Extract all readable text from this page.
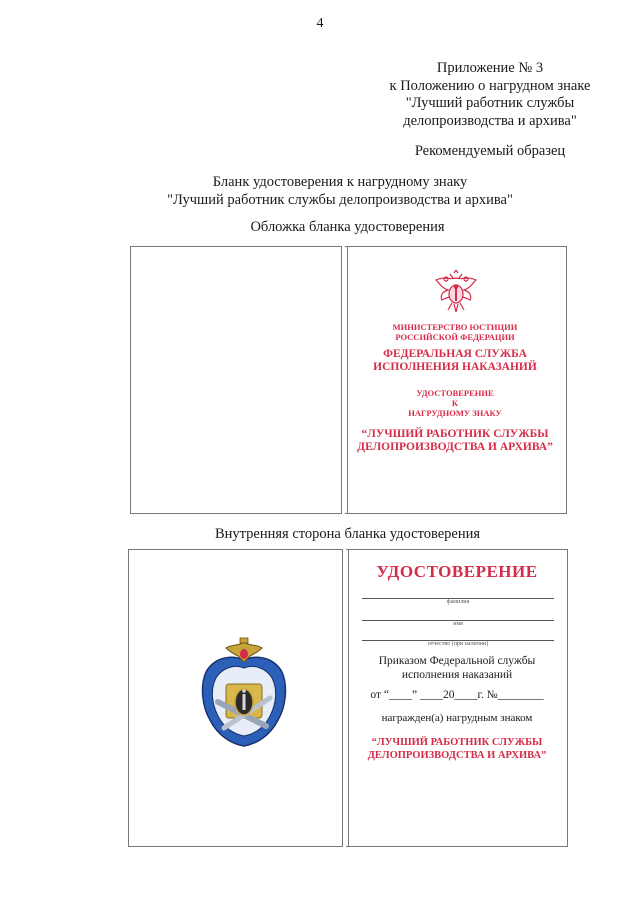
4
Приложение № 3
к Положению о нагрудном знаке
"Лучший работник службы
делопроизводства и архива"
Рекомендуемый образец
Бланк удостоверения к нагрудному знаку
"Лучший работник службы делопроизводства и архива"
Обложка бланка удостоверения
МИНИСТЕРСТВО ЮСТИЦИИ
РОССИЙСКОЙ ФЕДЕРАЦИИ
ФЕДЕРАЛЬНАЯ СЛУЖБА
ИСПОЛНЕНИЯ НАКАЗАНИЙ
УДОСТОВЕРЕНИЕ
К
НАГРУДНОМУ ЗНАКУ
“ЛУЧШИЙ РАБОТНИК СЛУЖБЫ
ДЕЛОПРОИЗВОДСТВА И АРХИВА”
Внутренняя сторона бланка удостоверения
УДОСТОВЕРЕНИЕ
фамилия
имя
отчество (при наличии)
Приказом Федеральной службы
исполнения наказаний
от “____” ____20____г. №________
награжден(а) нагрудным знаком
“ЛУЧШИЙ РАБОТНИК СЛУЖБЫ
ДЕЛОПРОИЗВОДСТВА И АРХИВА”
